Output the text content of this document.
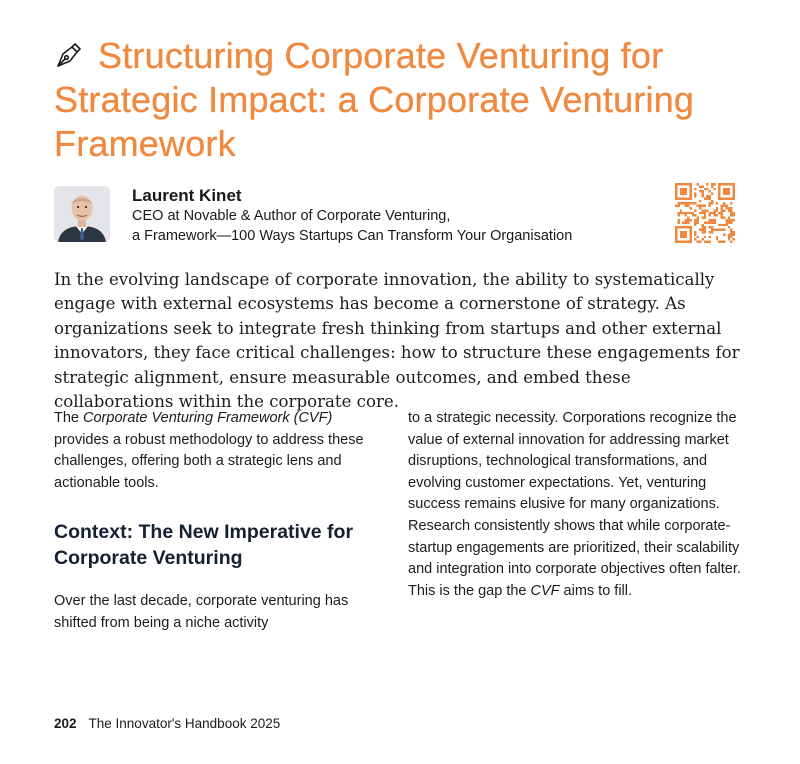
Structuring Corporate Venturing for Strategic Impact: a Corporate Venturing Framework
Laurent Kinet
CEO at Novable & Author of Corporate Venturing,
a Framework—100 Ways Startups Can Transform Your Organisation

In the evolving landscape of corporate innovation, the ability to systematically engage with external ecosystems has become a cornerstone of strategy. As organizations seek to integrate fresh thinking from startups and other external innovators, they face critical challenges: how to structure these engagements for strategic alignment, ensure measurable outcomes, and embed these collaborations within the corporate core.

The Corporate Venturing Framework (CVF) provides a robust methodology to address these challenges, offering both a strategic lens and actionable tools.

Context: The New Imperative for Corporate Venturing

Over the last decade, corporate venturing has shifted from being a niche activity

to a strategic necessity. Corporations recognize the value of external innovation for addressing market disruptions, technological transformations, and evolving customer expectations. Yet, venturing success remains elusive for many organizations. Research consistently shows that while corporate-startup engagements are prioritized, their scalability and integration into corporate objectives often falter. This is the gap the CVF aims to fill.

202 The Innovator's Handbook 2025
